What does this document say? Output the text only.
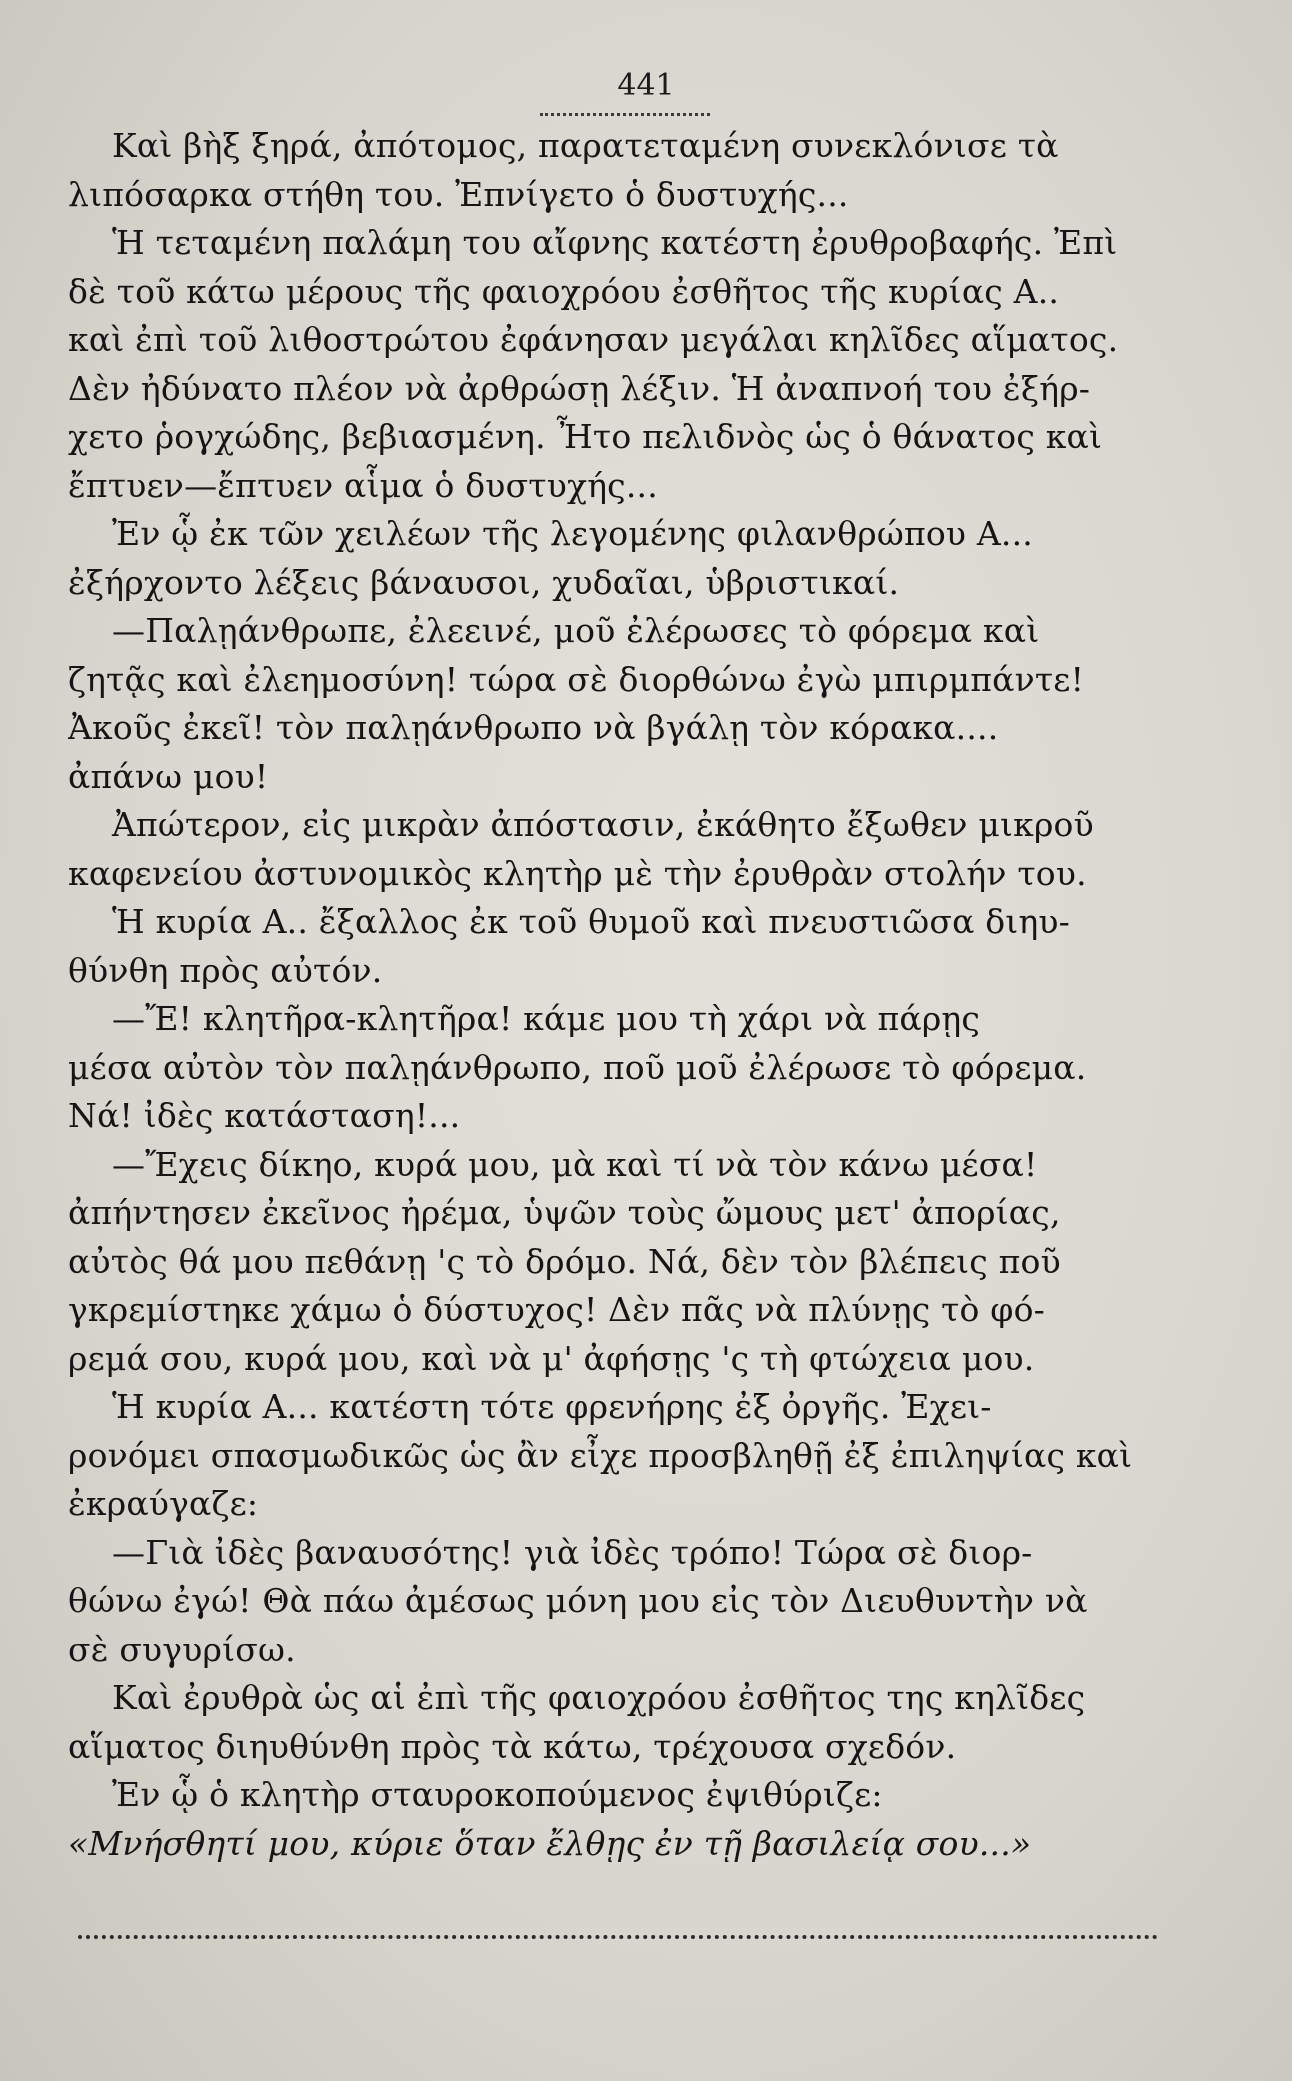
441
Καὶ βὴξ ξηρά, ἀπότομος, παρατεταμένη συνεκλόνισε τὰ
λιπόσαρκα στήθη του. Ἐπνίγετο ὁ δυστυχής...
Ἡ τεταμένη παλάμη του αἴφνης κατέστη ἐρυθροβαφής. Ἐπὶ
δὲ τοῦ κάτω μέρους τῆς φαιοχρόου ἐσθῆτος τῆς κυρίας Α..
καὶ ἐπὶ τοῦ λιθοστρώτου ἐφάνησαν μεγάλαι κηλῖδες αἵματος.
Δὲν ἠδύνατο πλέον νὰ ἀρθρώσῃ λέξιν. Ἡ ἀναπνοή του ἐξήρ-
χετο ῥογχώδης, βεβιασμένη. Ἦτο πελιδνὸς ὡς ὁ θάνατος καὶ
ἔπτυεν—ἔπτυεν αἷμα ὁ δυστυχής...
Ἐν ᾧ ἐκ τῶν χειλέων τῆς λεγομένης φιλανθρώπου Α...
ἐξήρχοντο λέξεις βάναυσοι, χυδαῖαι, ὑβριστικαί.
—Παλῃάνθρωπε, ἐλεεινέ, μοῦ ἐλέρωσες τὸ φόρεμα καὶ
ζητᾷς καὶ ἐλεημοσύνη! τώρα σὲ διορθώνω ἐγὼ μπιρμπάντε!
Ἀκοῦς ἐκεῖ! τὸν παλῃάνθρωπο νὰ βγάλῃ τὸν κόρακα....
ἀπάνω μου!
Ἀπώτερον, εἰς μικρὰν ἀπόστασιν, ἐκάθητο ἔξωθεν μικροῦ
καφενείου ἀστυνομικὸς κλητὴρ μὲ τὴν ἐρυθρὰν στολήν του.
Ἡ κυρία Α.. ἔξαλλος ἐκ τοῦ θυμοῦ καὶ πνευστιῶσα διηυ-
θύνθη πρὸς αὐτόν.
—Ἔ! κλητῆρα-κλητῆρα! κάμε μου τὴ χάρι νὰ πάρῃς
μέσα αὐτὸν τὸν παλῃάνθρωπο, ποῦ μοῦ ἐλέρωσε τὸ φόρεμα.
Νά! ἰδὲς κατάσταση!...
—Ἔχεις δίκηο, κυρά μου, μὰ καὶ τί νὰ τὸν κάνω μέσα!
ἀπήντησεν ἐκεῖνος ἠρέμα, ὑψῶν τοὺς ὤμους μετ' ἀπορίας,
αὐτὸς θά μου πεθάνῃ 'ς τὸ δρόμο. Νά, δὲν τὸν βλέπεις ποῦ
γκρεμίστηκε χάμω ὁ δύστυχος! Δὲν πᾶς νὰ πλύνῃς τὸ φό-
ρεμά σου, κυρά μου, καὶ νὰ μ' ἀφήσῃς 'ς τὴ φτώχεια μου.
Ἡ κυρία Α... κατέστη τότε φρενήρης ἐξ ὀργῆς. Ἐχει-
ρονόμει σπασμωδικῶς ὡς ἂν εἶχε προσβληθῇ ἐξ ἐπιληψίας καὶ
ἐκραύγαζε:
—Γιὰ ἰδὲς βαναυσότης! γιὰ ἰδὲς τρόπο! Τώρα σὲ διορ-
θώνω ἐγώ! Θὰ πάω ἀμέσως μόνη μου εἰς τὸν Διευθυντὴν νὰ
σὲ συγυρίσω.
Καὶ ἐρυθρὰ ὡς αἱ ἐπὶ τῆς φαιοχρόου ἐσθῆτος της κηλῖδες
αἵματος διηυθύνθη πρὸς τὰ κάτω, τρέχουσα σχεδόν.
Ἐν ᾧ ὁ κλητὴρ σταυροκοπούμενος ἐψιθύριζε:
«Μνήσθητί μου, κύριε ὅταν ἔλθῃς ἐν τῇ βασιλείᾳ σου...»
